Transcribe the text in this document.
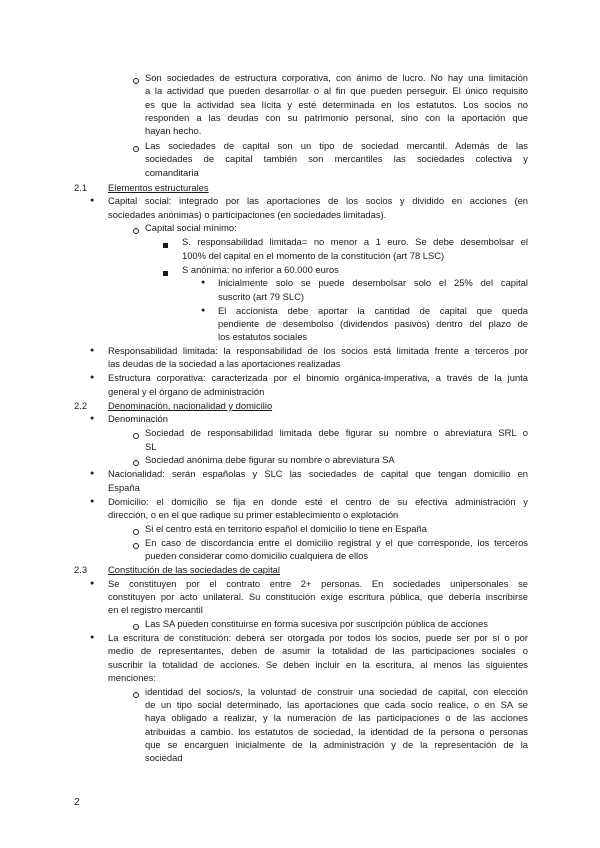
Son sociedades de estructura corporativa, con ánimo de lucro. No hay una limitación
a la actividad que pueden desarrollar o al fin que pueden perseguir. El único requisito
es que la actividad sea lícita y esté determinada en los estatutos. Los socios no
responden a las deudas con su patrimonio personal, sino con la aportación que
hayan hecho.
Las sociedades de capital son un tipo de sociedad mercantil. Además de las
sociedades de capital también son mercantiles las sociedades colectiva y
comanditaria
2.1 Elementos estructurales
● Capital social: integrado por las aportaciones de los socios y dividido en acciones (en
sociedades anónimas) o participaciones (en sociedades limitadas).
Capital social mínimo:
S. responsabilidad limitada= no menor a 1 euro. Se debe desembolsar el
100% del capital en el momento de la constitución (art 78 LSC)
S anónima: no inferior a 60.000 euros
● Inicialmente solo se puede desembolsar solo el 25% del capital
suscrito (art 79 SLC)
● El accionista debe aportar la cantidad de capital que queda
pendiente de desembolso (dividendos pasivos) dentro del plazo de
los estatutos sociales
● Responsabilidad limitada: la responsabilidad de los socios está limitada frente a terceros por
las deudas de la sociedad a las aportaciones realizadas
● Estructura corporativa: caracterizada por el binomio orgánica-imperativa, a través de la junta
general y el órgano de administración
2.2 Denominación, nacionalidad y domicilio
● Denominación
Sociedad de responsabilidad limitada debe figurar su nombre o abreviatura SRL o
SL
Sociedad anónima debe figurar su nombre o abreviatura SA
● Nacionalidad: serán españolas y SLC las sociedades de capital que tengan domicilio en
España
● Domicilio: el domicilio se fija en donde esté el centro de su efectiva administración y
dirección, o en el que radique su primer establecimiento o explotación
Si el centro está en territorio español el domicilio lo tiene en España
En caso de discordancia entre el domicilio registral y el que corresponde, los terceros
pueden considerar como domicilio cualquiera de ellos
2.3 Constitución de las sociedades de capital
● Se constituyen por el contrato entre 2+ personas. En sociedades unipersonales se
constituyen por acto unilateral. Su constitución exige escritura pública, que debería inscribirse
en el registro mercantil
Las SA pueden constituirse en forma sucesiva por suscripción pública de acciones
● La escritura de constitución: deberá ser otorgada por todos los socios, puede ser por sí o por
medio de representantes, deben de asumir la totalidad de las participaciones sociales o
suscribir la totalidad de acciones. Se deben incluir en la escritura, al menos las siguientes
menciones:
identidad del socios/s, la voluntad de construir una sociedad de capital, con elección
de un tipo social determinado, las aportaciones que cada socio realice, o en SA se
haya obligado a realizar, y la numeración de las participaciones o de las acciones
atribuidas a cambio. los estatutos de sociedad, la identidad de la persona o personas
que se encarguen inicialmente de la administración y de la representación de la
sociedad
2
